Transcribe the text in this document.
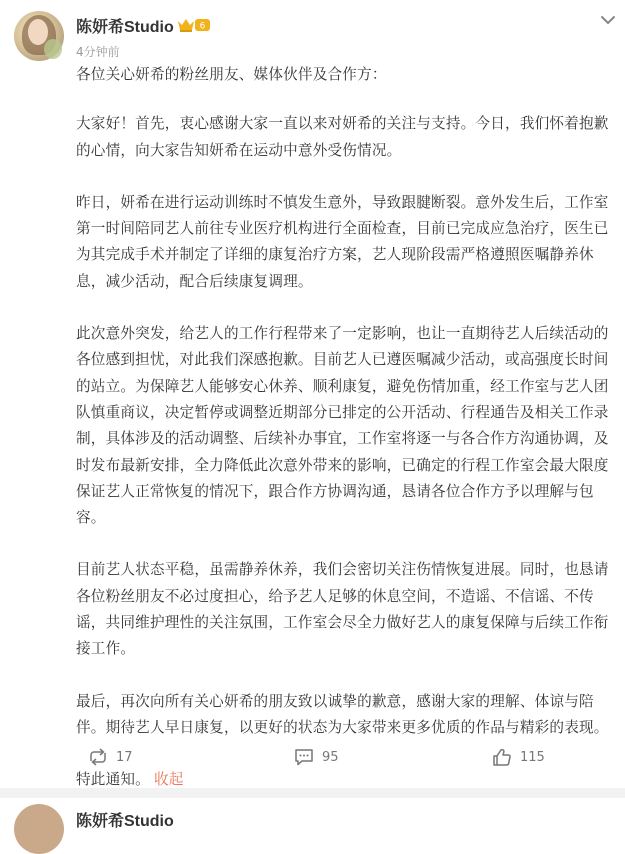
陈妍希Studio	6
4分钟前

各位关心妍希的粉丝朋友、媒体伙伴及合作方：

大家好！首先，衷心感谢大家一直以来对妍希的关注与支持。今日，我们怀着抱歉的心情，向大家告知妍希在运动中意外受伤情况。

昨日，妍希在进行运动训练时不慎发生意外，导致跟腱断裂。意外发生后，工作室第一时间陪同艺人前往专业医疗机构进行全面检查，目前已完成应急治疗，医生已为其完成手术并制定了详细的康复治疗方案，艺人现阶段需严格遵照医嘱静养休息，减少活动，配合后续康复调理。

此次意外突发，给艺人的工作行程带来了一定影响，也让一直期待艺人后续活动的各位感到担忧，对此我们深感抱歉。目前艺人已遵医嘱减少活动，或高强度长时间的站立。为保障艺人能够安心休养、顺利康复，避免伤情加重，经工作室与艺人团队慎重商议，决定暂停或调整近期部分已排定的公开活动、行程通告及相关工作录制，具体涉及的活动调整、后续补办事宜，工作室将逐一与各合作方沟通协调，及时发布最新安排，全力降低此次意外带来的影响，已确定的行程工作室会最大限度保证艺人正常恢复的情况下，跟合作方协调沟通，恳请各位合作方予以理解与包容。

目前艺人状态平稳，虽需静养休养，我们会密切关注伤情恢复进展。同时，也恳请各位粉丝朋友不必过度担心，给予艺人足够的休息空间，不造谣、不信谣、不传谣，共同维护理性的关注氛围，工作室会尽全力做好艺人的康复保障与后续工作衔接工作。

最后，再次向所有关心妍希的朋友致以诚挚的歉意，感谢大家的理解、体谅与陪伴。期待艺人早日康复，以更好的状态为大家带来更多优质的作品与精彩的表现。

特此通知。 收起

17	95	115
陈妍希Studio
